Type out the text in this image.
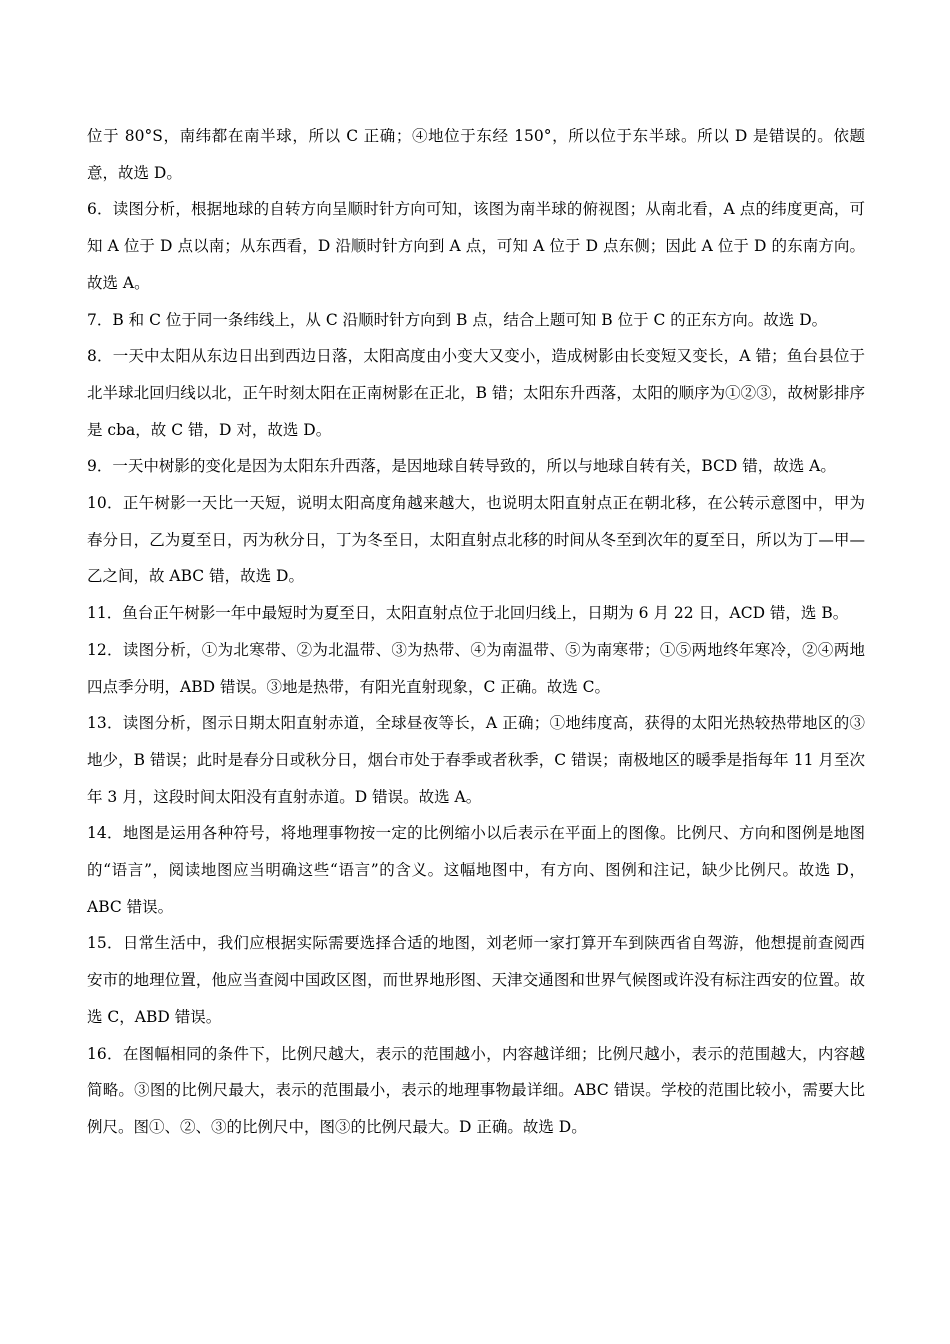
位于 80°S，南纬都在南半球，所以 C 正确；④地位于东经 150°，所以位于东半球。所以 D 是错误的。依题意，故选 D。

6．读图分析，根据地球的自转方向呈顺时针方向可知，该图为南半球的俯视图；从南北看，A 点的纬度更高，可知 A 位于 D 点以南；从东西看，D 沿顺时针方向到 A 点，可知 A 位于 D 点东侧；因此 A 位于 D 的东南方向。故选 A。

7．B 和 C 位于同一条纬线上，从 C 沿顺时针方向到 B 点，结合上题可知 B 位于 C 的正东方向。故选 D。

8．一天中太阳从东边日出到西边日落，太阳高度由小变大又变小，造成树影由长变短又变长，A 错；鱼台县位于北半球北回归线以北，正午时刻太阳在正南树影在正北，B 错；太阳东升西落，太阳的顺序为①②③，故树影排序是 cba，故 C 错，D 对，故选 D。

9．一天中树影的变化是因为太阳东升西落，是因地球自转导致的，所以与地球自转有关，BCD 错，故选 A。

10．正午树影一天比一天短，说明太阳高度角越来越大，也说明太阳直射点正在朝北移，在公转示意图中，甲为春分日，乙为夏至日，丙为秋分日，丁为冬至日，太阳直射点北移的时间从冬至到次年的夏至日，所以为丁—甲—乙之间，故 ABC 错，故选 D。

11．鱼台正午树影一年中最短时为夏至日，太阳直射点位于北回归线上，日期为 6 月 22 日，ACD 错，选 B。

12．读图分析，①为北寒带、②为北温带、③为热带、④为南温带、⑤为南寒带；①⑤两地终年寒冷，②④两地四点季分明，ABD 错误。③地是热带，有阳光直射现象，C 正确。故选 C。

13．读图分析，图示日期太阳直射赤道，全球昼夜等长，A 正确；①地纬度高，获得的太阳光热较热带地区的③地少，B 错误；此时是春分日或秋分日，烟台市处于春季或者秋季，C 错误；南极地区的暖季是指每年 11 月至次年 3 月，这段时间太阳没有直射赤道。D 错误。故选 A。

14．地图是运用各种符号，将地理事物按一定的比例缩小以后表示在平面上的图像。比例尺、方向和图例是地图的“语言”，阅读地图应当明确这些“语言”的含义。这幅地图中，有方向、图例和注记，缺少比例尺。故选 D，ABC 错误。

15．日常生活中，我们应根据实际需要选择合适的地图，刘老师一家打算开车到陕西省自驾游，他想提前查阅西安市的地理位置，他应当查阅中国政区图，而世界地形图、天津交通图和世界气候图或许没有标注西安的位置。故选 C，ABD 错误。

16．在图幅相同的条件下，比例尺越大，表示的范围越小，内容越详细；比例尺越小，表示的范围越大，内容越简略。③图的比例尺最大，表示的范围最小，表示的地理事物最详细。ABC 错误。学校的范围比较小，需要大比例尺。图①、②、③的比例尺中，图③的比例尺最大。D 正确。故选 D。
